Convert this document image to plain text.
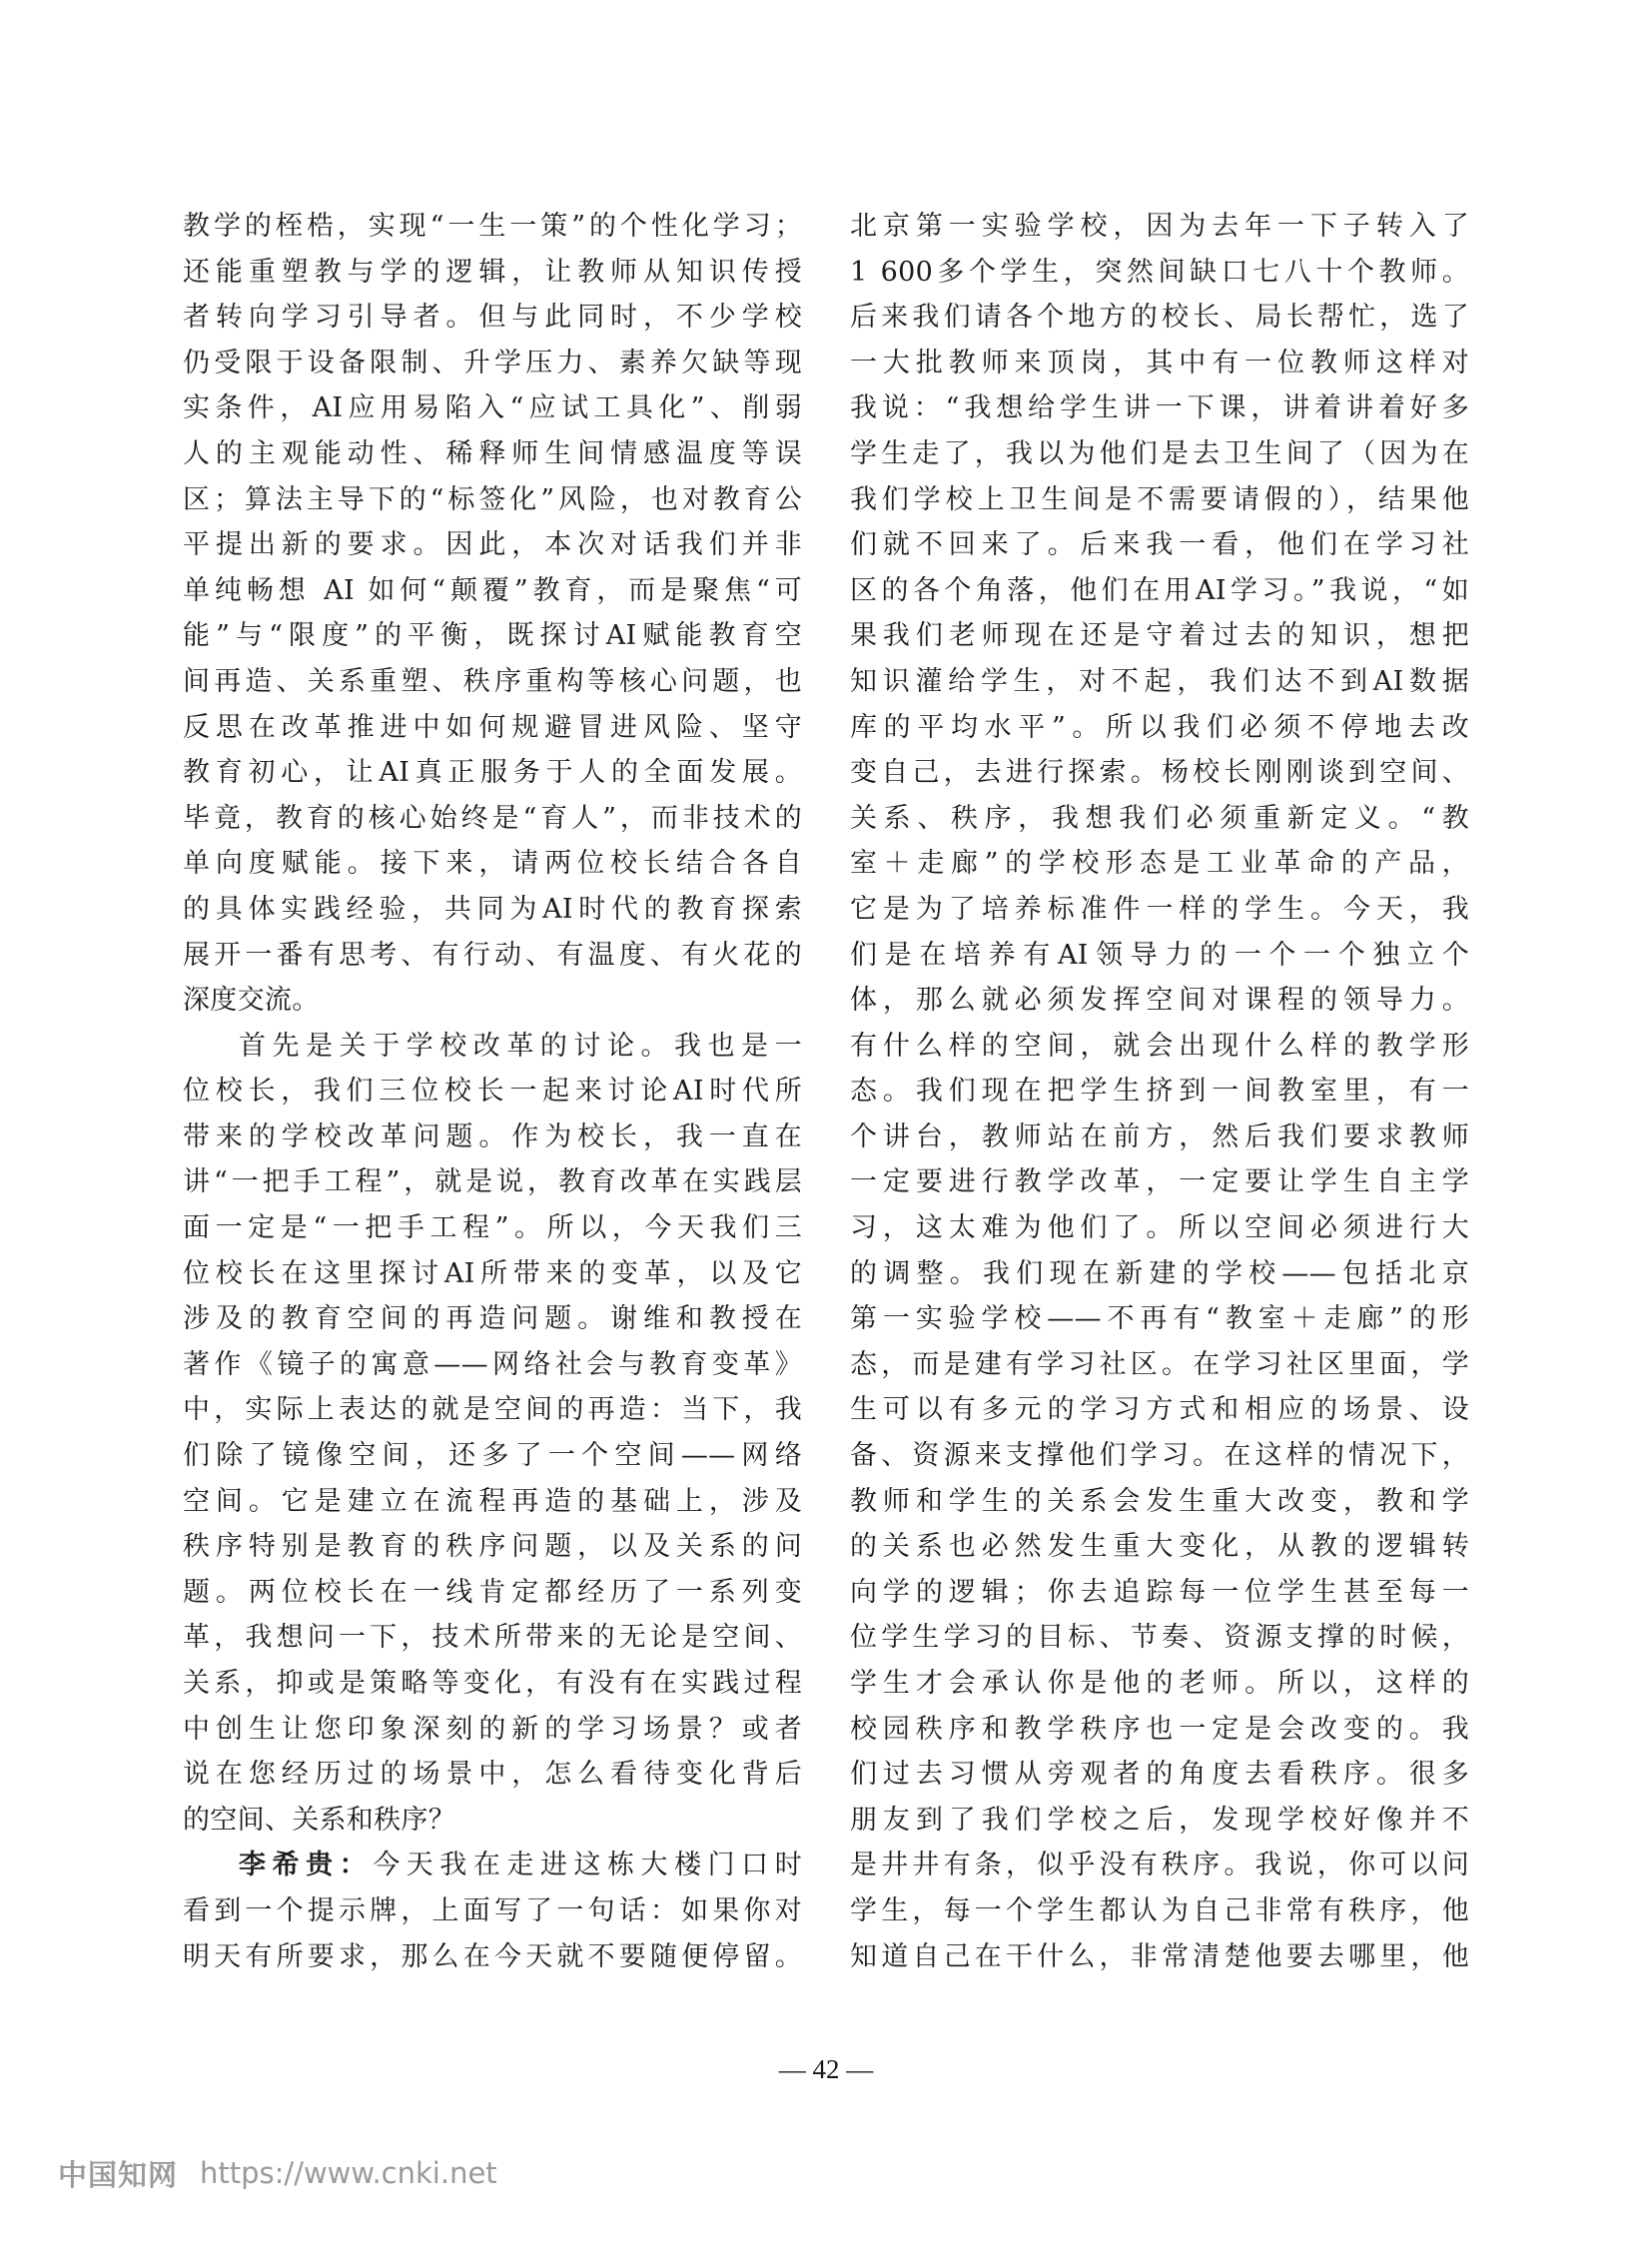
教学的桎梏，实现“一生一策”的个性化学习；
还能重塑教与学的逻辑，让教师从知识传授
者转向学习引导者。但与此同时，不少学校
仍受限于设备限制、升学压力、素养欠缺等现
实条件，AI应用易陷入“应试工具化”、削弱
人的主观能动性、稀释师生间情感温度等误
区；算法主导下的“标签化”风险，也对教育公
平提出新的要求。因此，本次对话我们并非
单纯畅想 AI 如何“颠覆”教育，而是聚焦“可
能”与“限度”的平衡，既探讨AI赋能教育空
间再造、关系重塑、秩序重构等核心问题，也
反思在改革推进中如何规避冒进风险、坚守
教育初心，让AI真正服务于人的全面发展。
毕竟，教育的核心始终是“育人”，而非技术的
单向度赋能。接下来，请两位校长结合各自
的具体实践经验，共同为AI时代的教育探索
展开一番有思考、有行动、有温度、有火花的
深度交流。
首先是关于学校改革的讨论。我也是一
位校长，我们三位校长一起来讨论AI时代所
带来的学校改革问题。作为校长，我一直在
讲“一把手工程”，就是说，教育改革在实践层
面一定是“一把手工程”。所以，今天我们三
位校长在这里探讨AI所带来的变革，以及它
涉及的教育空间的再造问题。谢维和教授在
著作《镜子的寓意——网络社会与教育变革》
中，实际上表达的就是空间的再造：当下，我
们除了镜像空间，还多了一个空间——网络
空间。它是建立在流程再造的基础上，涉及
秩序特别是教育的秩序问题，以及关系的问
题。两位校长在一线肯定都经历了一系列变
革，我想问一下，技术所带来的无论是空间、
关系，抑或是策略等变化，有没有在实践过程
中创生让您印象深刻的新的学习场景？或者
说在您经历过的场景中，怎么看待变化背后
的空间、关系和秩序？
李希贵：今天我在走进这栋大楼门口时
看到一个提示牌，上面写了一句话：如果你对
明天有所要求，那么在今天就不要随便停留。
北京第一实验学校，因为去年一下子转入了
1 600多个学生，突然间缺口七八十个教师。
后来我们请各个地方的校长、局长帮忙，选了
一大批教师来顶岗，其中有一位教师这样对
我说：“我想给学生讲一下课，讲着讲着好多
学生走了，我以为他们是去卫生间了（因为在
我们学校上卫生间是不需要请假的），结果他
们就不回来了。后来我一看，他们在学习社
区的各个角落，他们在用AI学习。”我说，“如
果我们老师现在还是守着过去的知识，想把
知识灌给学生，对不起，我们达不到AI数据
库的平均水平”。所以我们必须不停地去改
变自己，去进行探索。杨校长刚刚谈到空间、
关系、秩序，我想我们必须重新定义。“教
室＋走廊”的学校形态是工业革命的产品，
它是为了培养标准件一样的学生。今天，我
们是在培养有AI领导力的一个一个独立个
体，那么就必须发挥空间对课程的领导力。
有什么样的空间，就会出现什么样的教学形
态。我们现在把学生挤到一间教室里，有一
个讲台，教师站在前方，然后我们要求教师
一定要进行教学改革，一定要让学生自主学
习，这太难为他们了。所以空间必须进行大
的调整。我们现在新建的学校——包括北京
第一实验学校——不再有“教室＋走廊”的形
态，而是建有学习社区。在学习社区里面，学
生可以有多元的学习方式和相应的场景、设
备、资源来支撑他们学习。在这样的情况下，
教师和学生的关系会发生重大改变，教和学
的关系也必然发生重大变化，从教的逻辑转
向学的逻辑；你去追踪每一位学生甚至每一
位学生学习的目标、节奏、资源支撑的时候，
学生才会承认你是他的老师。所以，这样的
校园秩序和教学秩序也一定是会改变的。我
们过去习惯从旁观者的角度去看秩序。很多
朋友到了我们学校之后，发现学校好像并不
是井井有条，似乎没有秩序。我说，你可以问
学生，每一个学生都认为自己非常有秩序，他
知道自己在干什么，非常清楚他要去哪里，他
— 42 —
中国知网 https://www.cnki.net
